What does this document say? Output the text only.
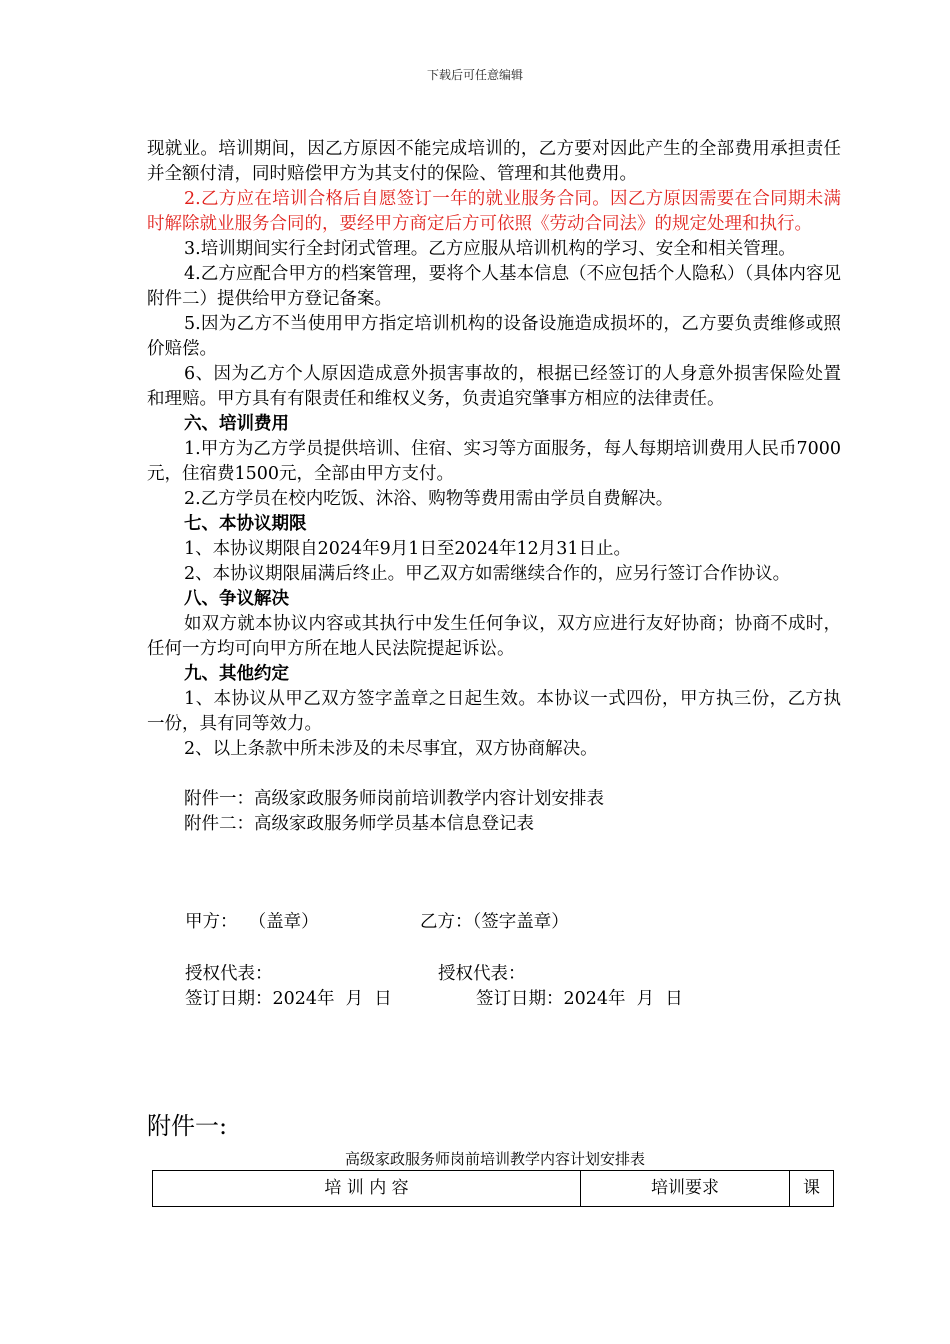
下载后可任意编辑

现就业。培训期间，因乙方原因不能完成培训的，乙方要对因此产生的全部费用承担责任并全额付清，同时赔偿甲方为其支付的保险、管理和其他费用。

2.乙方应在培训合格后自愿签订一年的就业服务合同。因乙方原因需要在合同期未满时解除就业服务合同的，要经甲方商定后方可依照《劳动合同法》的规定处理和执行。

3.培训期间实行全封闭式管理。乙方应服从培训机构的学习、安全和相关管理。

4.乙方应配合甲方的档案管理，要将个人基本信息（不应包括个人隐私）（具体内容见附件二）提供给甲方登记备案。

5.因为乙方不当使用甲方指定培训机构的设备设施造成损坏的，乙方要负责维修或照价赔偿。

6、因为乙方个人原因造成意外损害事故的，根据已经签订的人身意外损害保险处置和理赔。甲方具有有限责任和维权义务，负责追究肇事方相应的法律责任。

六、培训费用

1.甲方为乙方学员提供培训、住宿、实习等方面服务，每人每期培训费用人民币7000元，住宿费1500元，全部由甲方支付。

2.乙方学员在校内吃饭、沐浴、购物等费用需由学员自费解决。

七、本协议期限

1、本协议期限自2024年9月1日至2024年12月31日止。

2、本协议期限届满后终止。甲乙双方如需继续合作的，应另行签订合作协议。

八、争议解决

如双方就本协议内容或其执行中发生任何争议，双方应进行友好协商；协商不成时，任何一方均可向甲方所在地人民法院提起诉讼。

九、其他约定

1、本协议从甲乙双方签字盖章之日起生效。本协议一式四份，甲方执三份，乙方执一份，具有同等效力。

2、以上条款中所未涉及的未尽事宜，双方协商解决。

附件一：高级家政服务师岗前培训教学内容计划安排表

附件二：高级家政服务师学员基本信息登记表

甲方：  （盖章）	乙方：（签字盖章）
授权代表：	授权代表：
签订日期：2024年  月  日	签订日期：2024年  月  日
附件一:
高级家政服务师岗前培训教学内容计划安排表
培 训 内 容	培训要求	课
